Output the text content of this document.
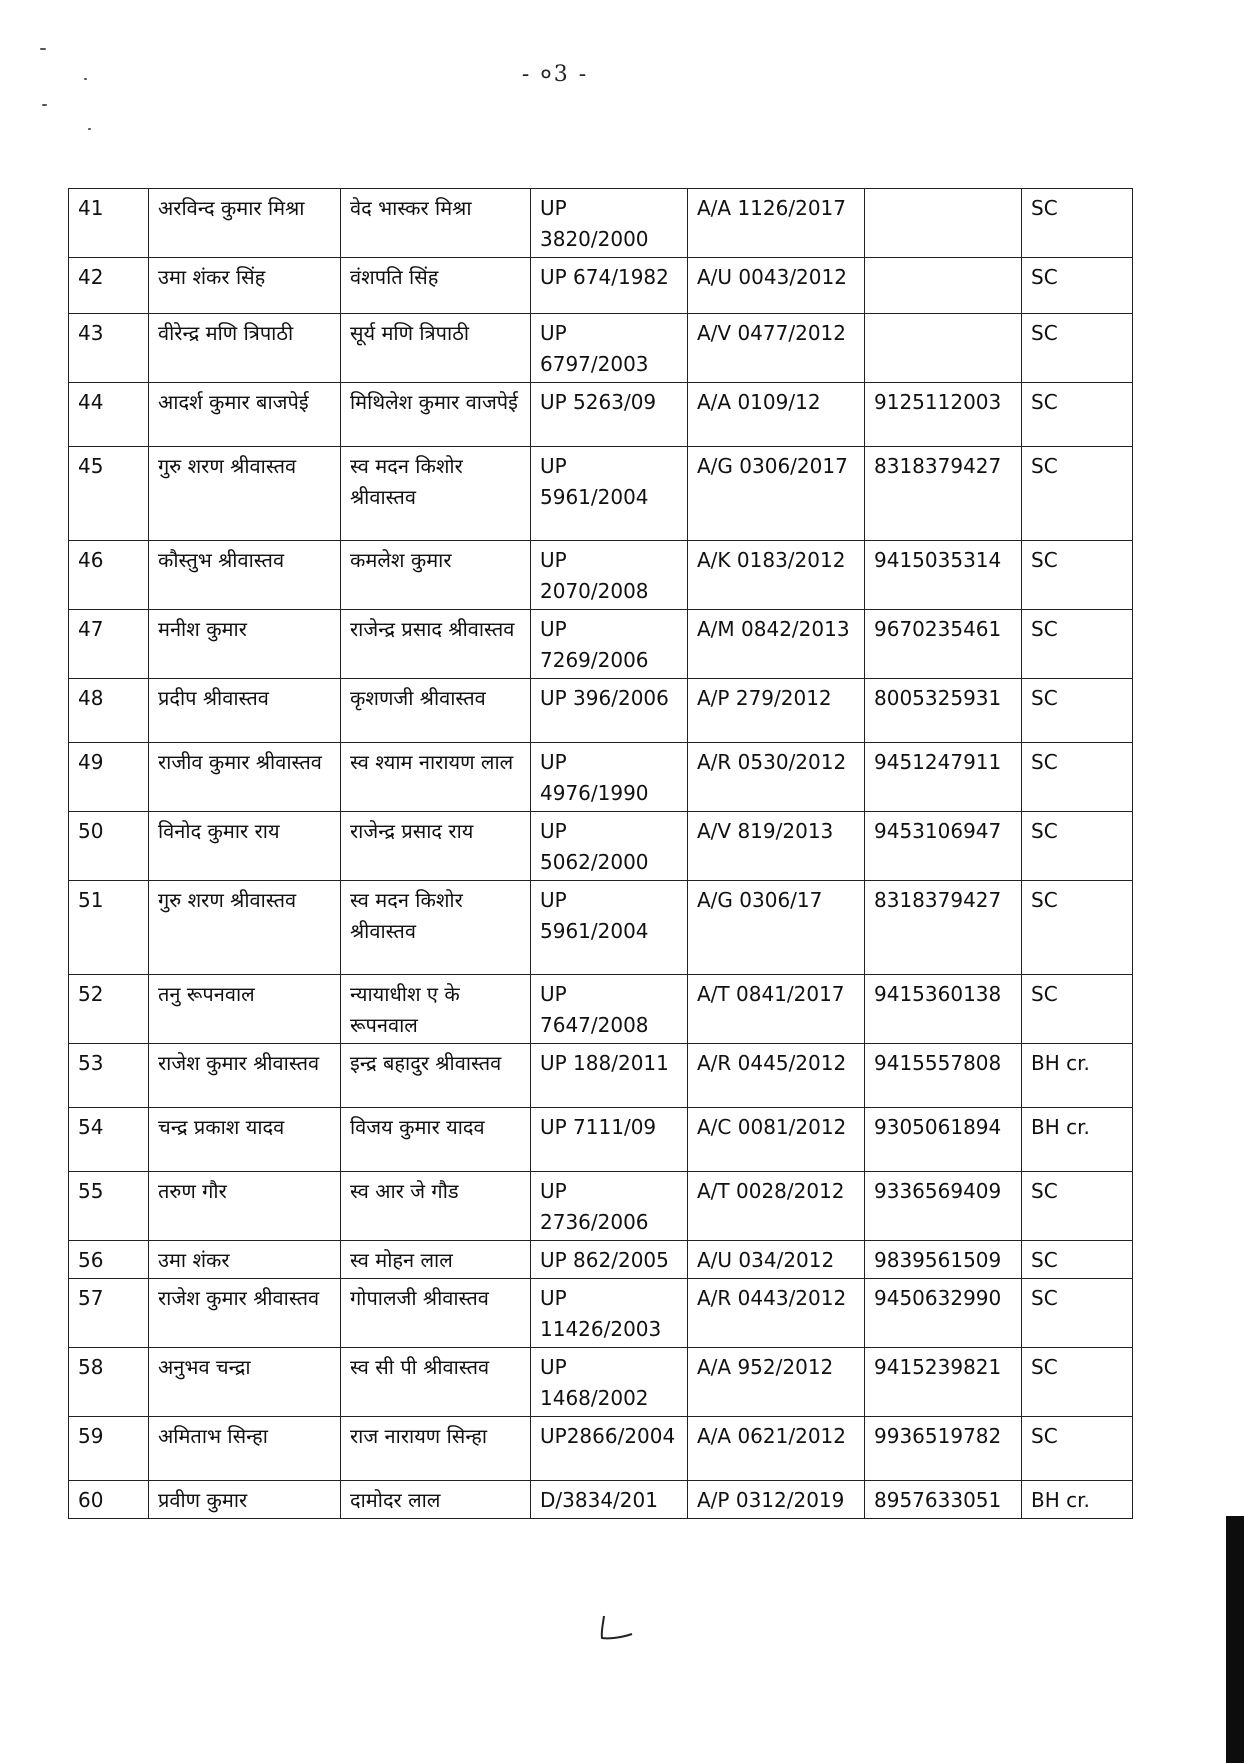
- ०3 -
41	अरविन्द कुमार मिश्रा	वेद भास्कर मिश्रा	UP 3820/2000	A/A 1126/2017		SC
42	उमा शंकर सिंह	वंशपति सिंह	UP 674/1982	A/U 0043/2012		SC
43	वीरेन्द्र मणि त्रिपाठी	सूर्य मणि त्रिपाठी	UP 6797/2003	A/V 0477/2012		SC
44	आदर्श कुमार बाजपेई	मिथिलेश कुमार वाजपेई	UP 5263/09	A/A 0109/12	9125112003	SC
45	गुरु शरण श्रीवास्तव	स्व मदन किशोर श्रीवास्तव	UP 5961/2004	A/G 0306/2017	8318379427	SC
46	कौस्तुभ श्रीवास्तव	कमलेश कुमार	UP 2070/2008	A/K 0183/2012	9415035314	SC
47	मनीश कुमार	राजेन्द्र प्रसाद श्रीवास्तव	UP 7269/2006	A/M 0842/2013	9670235461	SC
48	प्रदीप श्रीवास्तव	कृशणजी श्रीवास्तव	UP 396/2006	A/P 279/2012	8005325931	SC
49	राजीव कुमार श्रीवास्तव	स्व श्याम नारायण लाल	UP 4976/1990	A/R 0530/2012	9451247911	SC
50	विनोद कुमार राय	राजेन्द्र प्रसाद राय	UP 5062/2000	A/V 819/2013	9453106947	SC
51	गुरु शरण श्रीवास्तव	स्व मदन किशोर श्रीवास्तव	UP 5961/2004	A/G 0306/17	8318379427	SC
52	तनु रूपनवाल	न्यायाधीश ए के रूपनवाल	UP 7647/2008	A/T 0841/2017	9415360138	SC
53	राजेश कुमार श्रीवास्तव	इन्द्र बहादुर श्रीवास्तव	UP 188/2011	A/R 0445/2012	9415557808	BH cr.
54	चन्द्र प्रकाश यादव	विजय कुमार यादव	UP 7111/09	A/C 0081/2012	9305061894	BH cr.
55	तरुण गौर	स्व आर जे गौड	UP 2736/2006	A/T 0028/2012	9336569409	SC
56	उमा शंकर	स्व मोहन लाल	UP 862/2005	A/U 034/2012	9839561509	SC
57	राजेश कुमार श्रीवास्तव	गोपालजी श्रीवास्तव	UP 11426/2003	A/R 0443/2012	9450632990	SC
58	अनुभव चन्द्रा	स्व सी पी श्रीवास्तव	UP 1468/2002	A/A 952/2012	9415239821	SC
59	अमिताभ सिन्हा	राज नारायण सिन्हा	UP2866/2004	A/A 0621/2012	9936519782	SC
60	प्रवीण कुमार	दामोदर लाल	D/3834/201	A/P 0312/2019	8957633051	BH cr.
